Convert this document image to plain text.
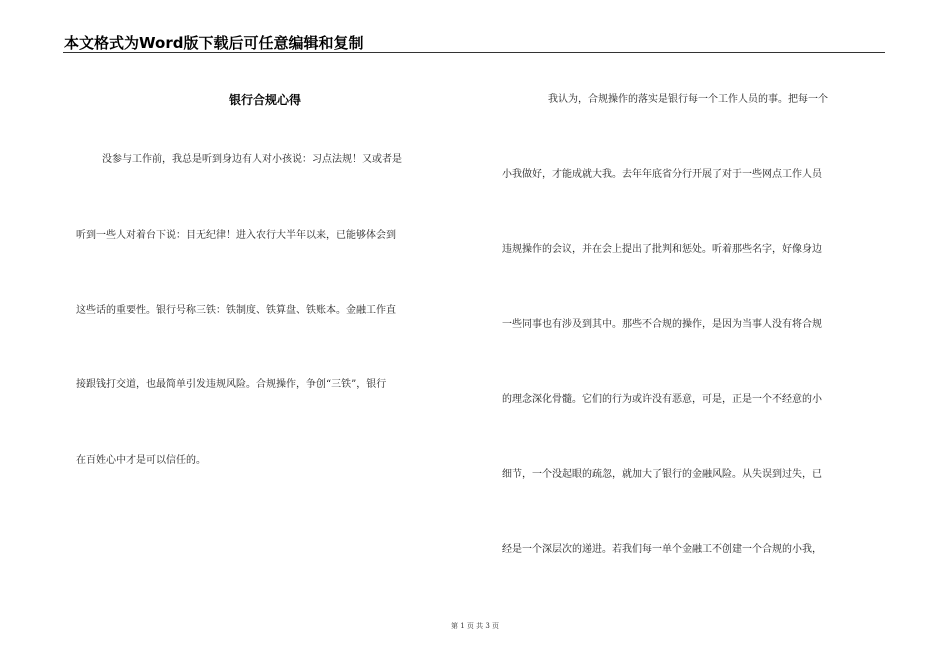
本文格式为Word版下载后可任意编辑和复制
银行合规心得
没参与工作前，我总是听到身边有人对小孩说：习点法规！又或者是
听到一些人对着台下说：目无纪律！进入农行大半年以来，已能够体会到
这些话的重要性。银行号称三铁：铁制度、铁算盘、铁账本。金融工作直
接跟钱打交道，也最简单引发违规风险。合规操作，争创“三铁”，银行
在百姓心中才是可以信任的。
我认为，合规操作的落实是银行每一个工作人员的事。把每一个
小我做好，才能成就大我。去年年底省分行开展了对于一些网点工作人员
违规操作的会议，并在会上提出了批判和惩处。听着那些名字，好像身边
一些同事也有涉及到其中。那些不合规的操作，是因为当事人没有将合规
的理念深化骨髓。它们的行为或许没有恶意，可是，正是一个不经意的小
细节，一个没起眼的疏忽，就加大了银行的金融风险。从失误到过失，已
经是一个深层次的递进。若我们每一单个金融工不创建一个合规的小我，
第 1 页 共 3 页
